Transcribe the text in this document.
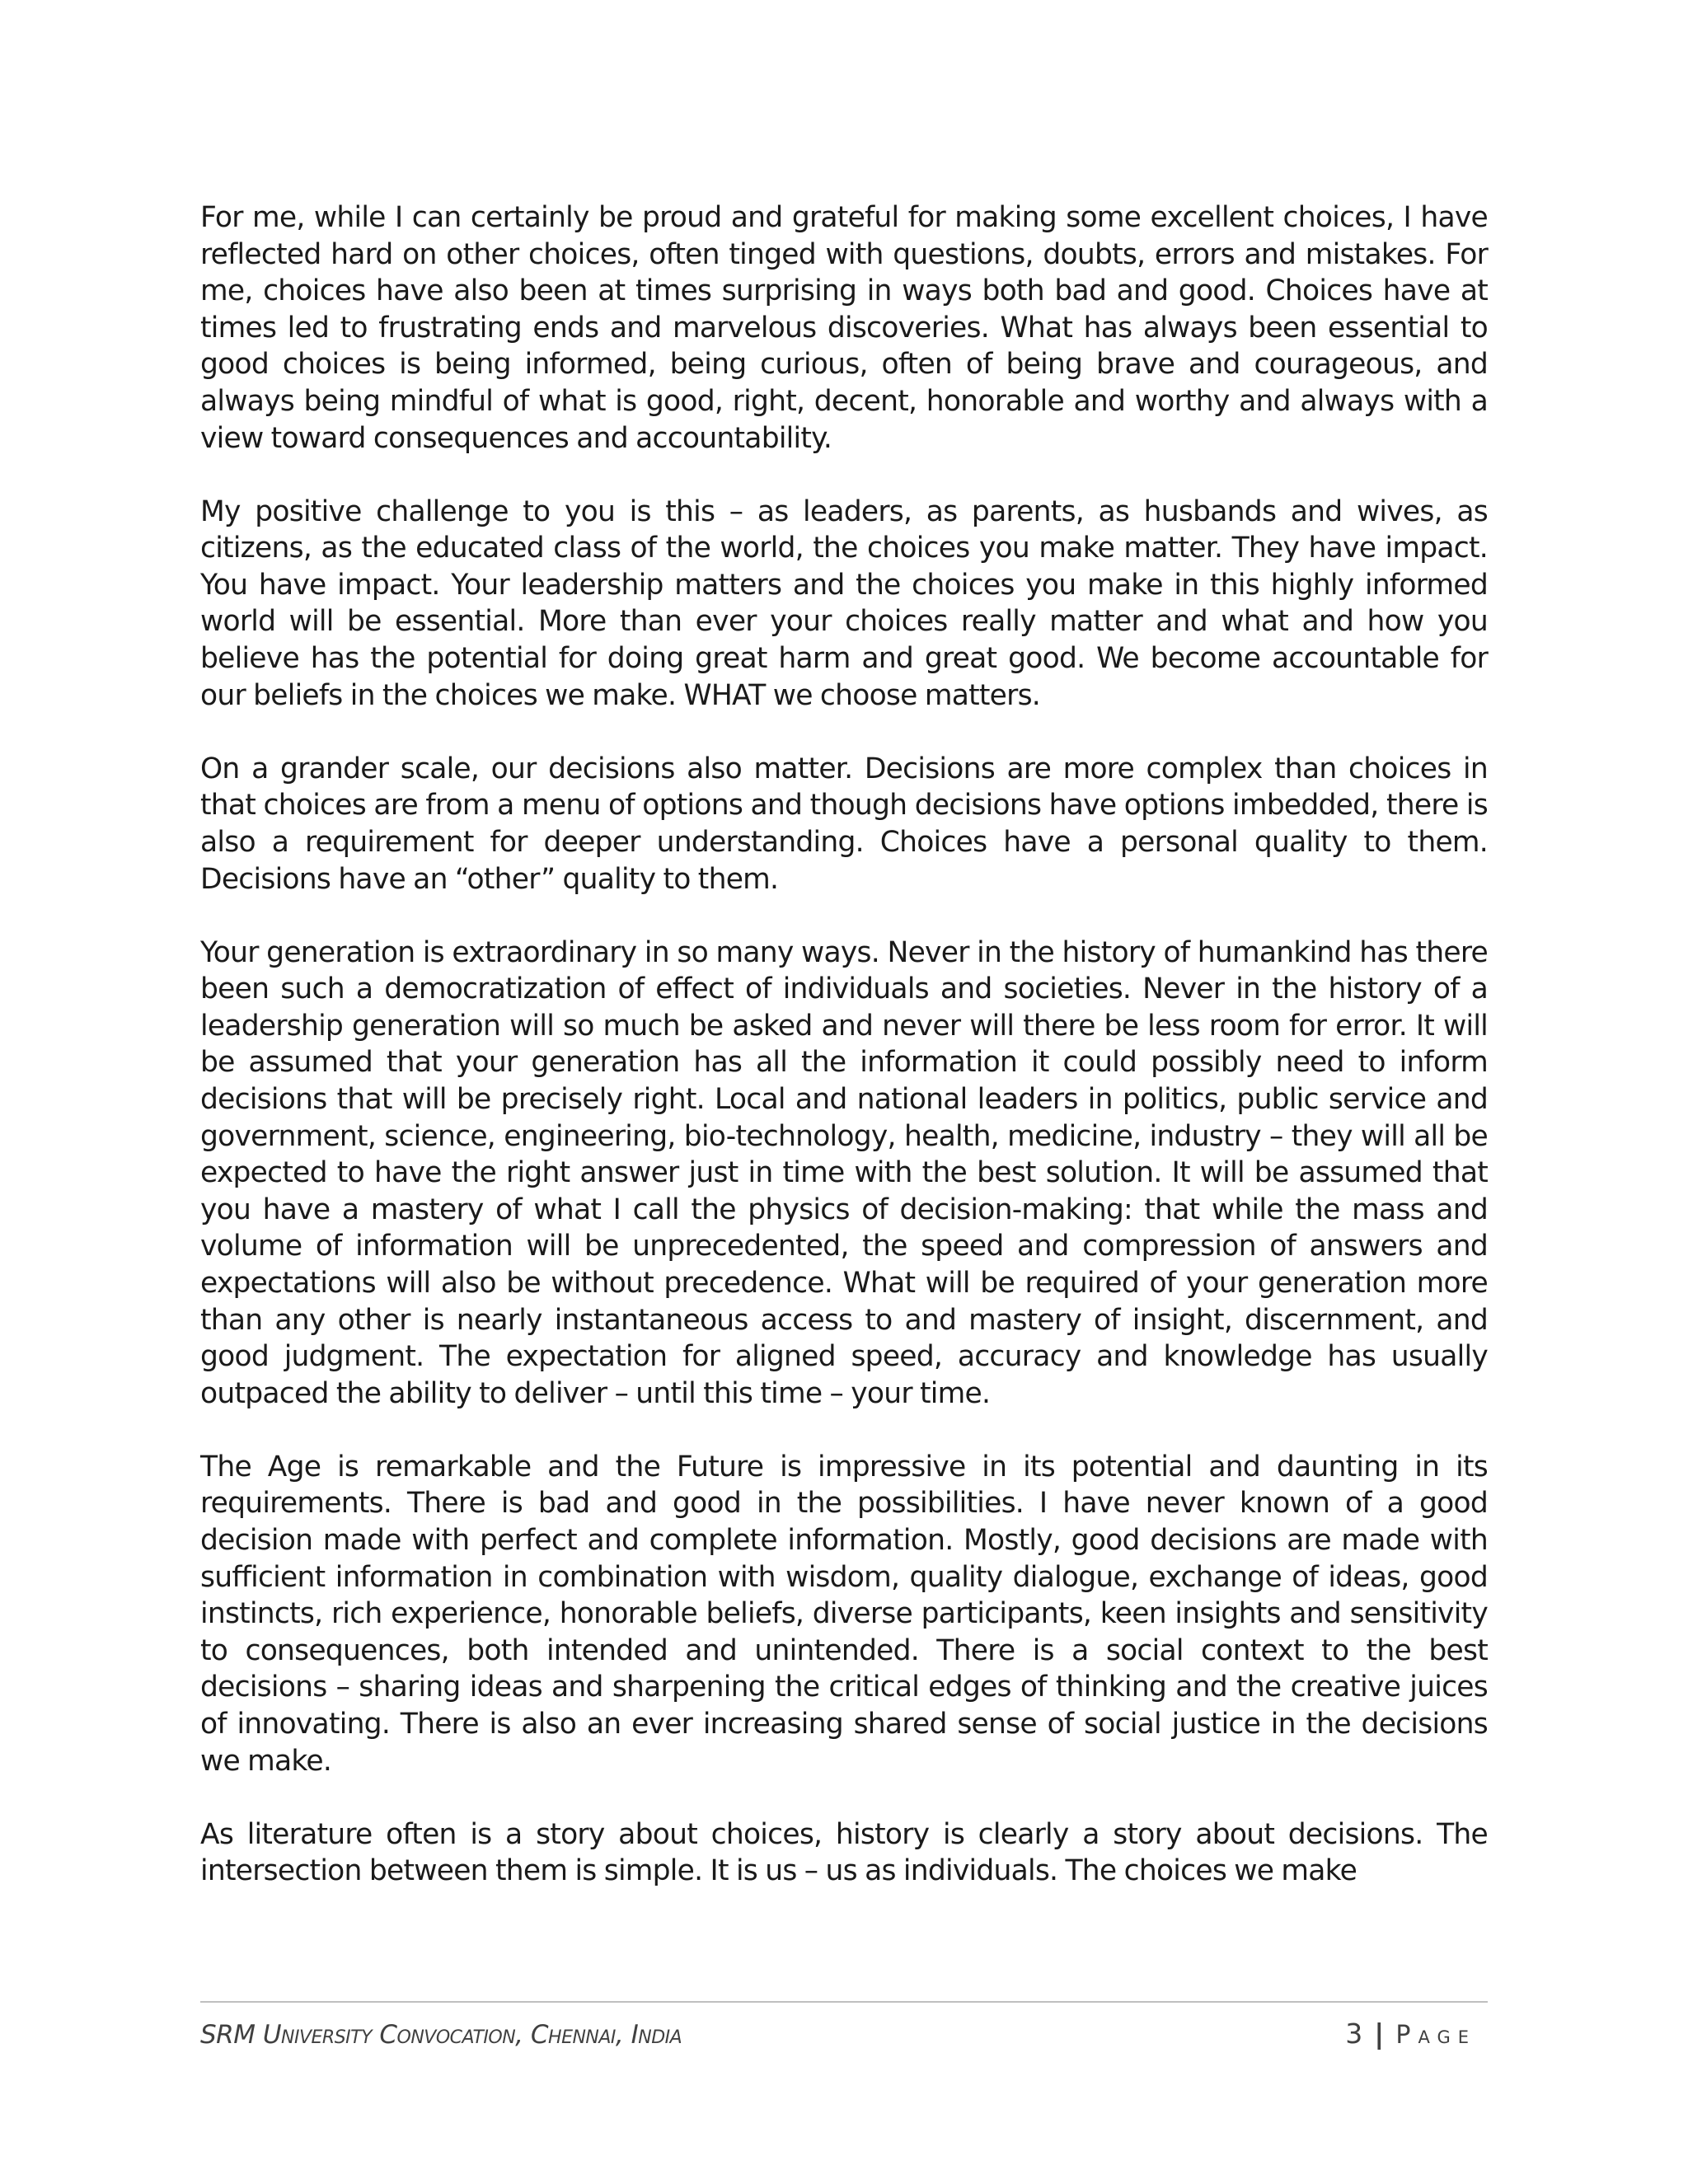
For me, while I can certainly be proud and grateful for making some excellent choices, I have reflected hard on other choices, often tinged with questions, doubts, errors and mistakes. For me, choices have also been at times surprising in ways both bad and good. Choices have at times led to frustrating ends and marvelous discoveries. What has always been essential to good choices is being informed, being curious, often of being brave and courageous, and always being mindful of what is good, right, decent, honorable and worthy and always with a view toward consequences and accountability.

My positive challenge to you is this – as leaders, as parents, as husbands and wives, as citizens, as the educated class of the world, the choices you make matter. They have impact. You have impact. Your leadership matters and the choices you make in this highly informed world will be essential. More than ever your choices really matter and what and how you believe has the potential for doing great harm and great good. We become accountable for our beliefs in the choices we make. WHAT we choose matters.

On a grander scale, our decisions also matter. Decisions are more complex than choices in that choices are from a menu of options and though decisions have options imbedded, there is also a requirement for deeper understanding. Choices have a personal quality to them. Decisions have an “other” quality to them.

Your generation is extraordinary in so many ways. Never in the history of humankind has there been such a democratization of effect of individuals and societies. Never in the history of a leadership generation will so much be asked and never will there be less room for error. It will be assumed that your generation has all the information it could possibly need to inform decisions that will be precisely right. Local and national leaders in politics, public service and government, science, engineering, bio-technology, health, medicine, industry – they will all be expected to have the right answer just in time with the best solution. It will be assumed that you have a mastery of what I call the physics of decision-making: that while the mass and volume of information will be unprecedented, the speed and compression of answers and expectations will also be without precedence. What will be required of your generation more than any other is nearly instantaneous access to and mastery of insight, discernment, and good judgment. The expectation for aligned speed, accuracy and knowledge has usually outpaced the ability to deliver – until this time – your time.

The Age is remarkable and the Future is impressive in its potential and daunting in its requirements. There is bad and good in the possibilities. I have never known of a good decision made with perfect and complete information. Mostly, good decisions are made with sufficient information in combination with wisdom, quality dialogue, exchange of ideas, good instincts, rich experience, honorable beliefs, diverse participants, keen insights and sensitivity to consequences, both intended and unintended. There is a social context to the best decisions – sharing ideas and sharpening the critical edges of thinking and the creative juices of innovating. There is also an ever increasing shared sense of social justice in the decisions we make.

As literature often is a story about choices, history is clearly a story about decisions. The intersection between them is simple. It is us – us as individuals. The choices we make

SRM University Convocation, Chennai, India	3 | Page
